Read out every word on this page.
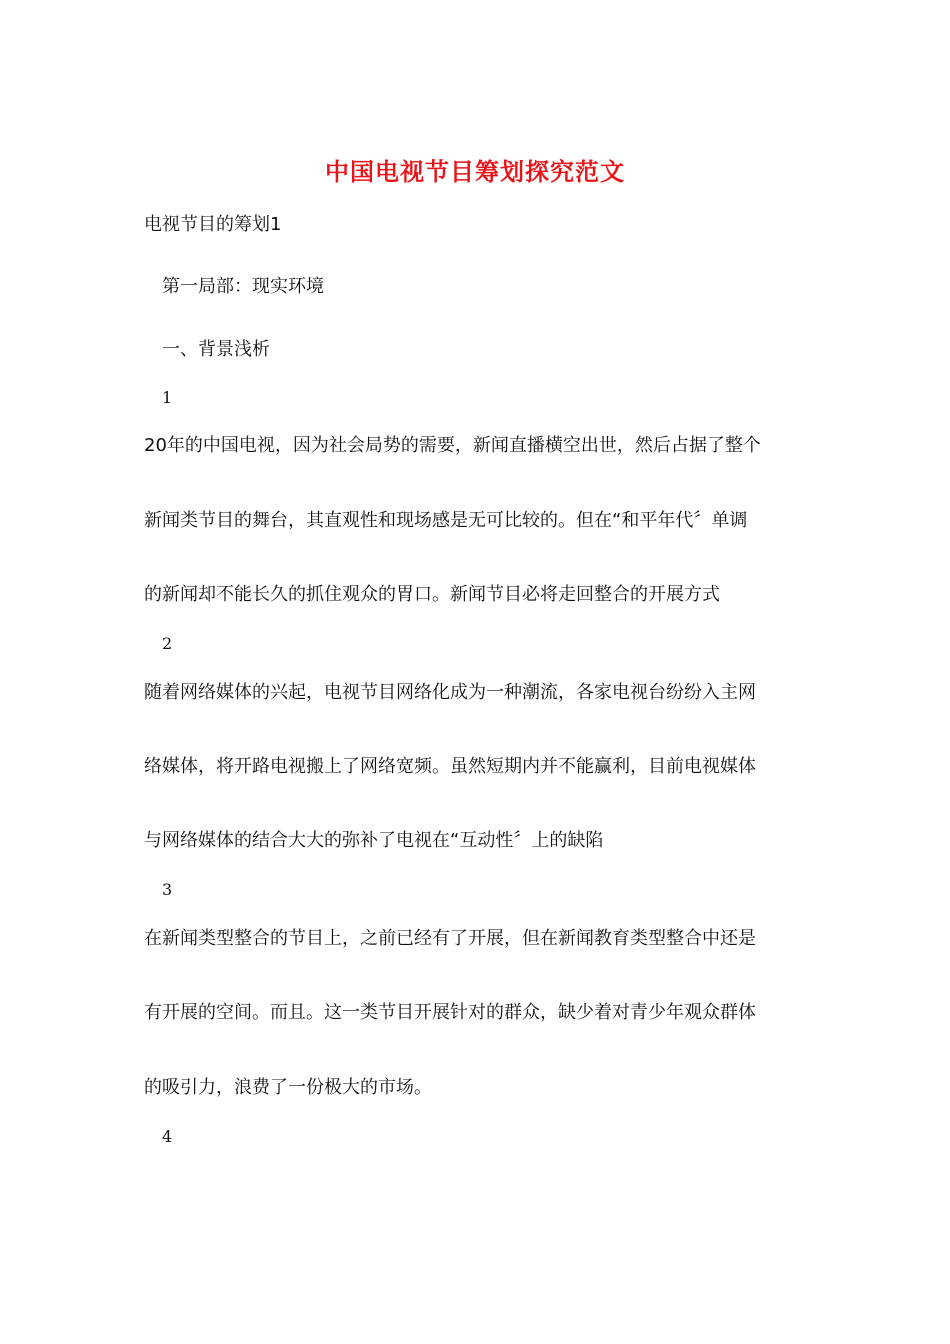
中国电视节目筹划探究范文
电视节目的筹划1
第一局部：现实环境
一、背景浅析
1
20年的中国电视，因为社会局势的需要，新闻直播横空出世，然后占据了整个
新闻类节目的舞台，其直观性和现场感是无可比较的。但在“和平年代〞单调
的新闻却不能长久的抓住观众的胃口。新闻节目必将走回整合的开展方式
2
随着网络媒体的兴起，电视节目网络化成为一种潮流，各家电视台纷纷入主网
络媒体，将开路电视搬上了网络宽频。虽然短期内并不能赢利，目前电视媒体
与网络媒体的结合大大的弥补了电视在“互动性〞上的缺陷
3
在新闻类型整合的节目上，之前已经有了开展，但在新闻教育类型整合中还是
有开展的空间。而且。这一类节目开展针对的群众，缺少着对青少年观众群体
的吸引力，浪费了一份极大的市场。
4
